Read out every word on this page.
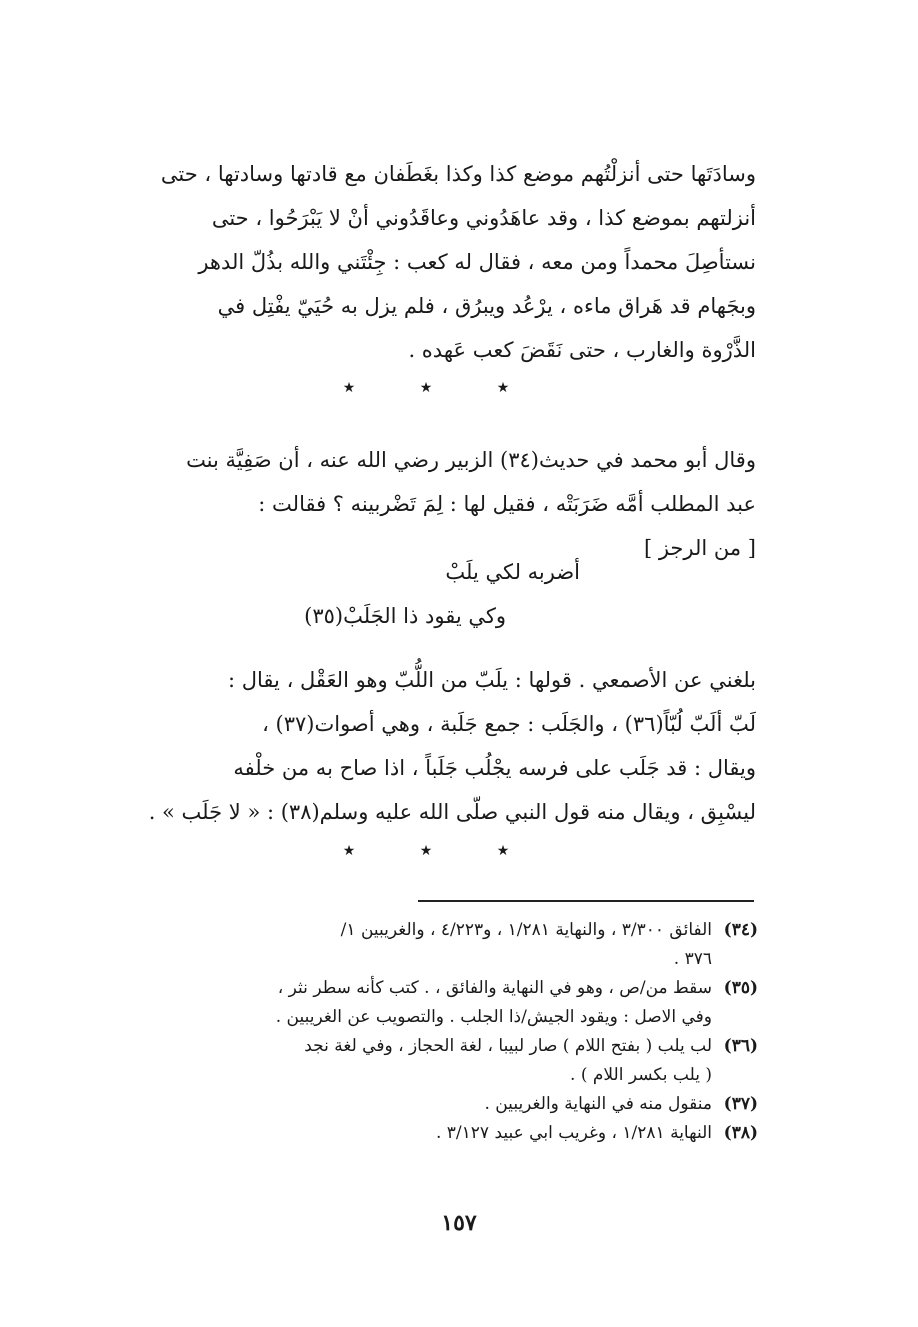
وسادَتَها حتى أنزلْتُهم موضع كذا وكذا بغَطَفان مع قادتها وسادتها ، حتى
أنزلتهم بموضع كذا ، وقد عاهَدُوني وعاقَدُوني أنْ لا يَبْرَحُوا ، حتى
نستأصِلَ محمداً ومن معه ، فقال له كعب : جِئْتَني والله بذُلّ الدهر
وبجَهام قد هَراق ماءه ، يرْعُد ويبرُق ، فلم يزل به حُيَيّ يفْتِل في
الذَّرْوة والغارب ، حتى نَقَضَ كعب عَهده .
★	★	★
وقال أبو محمد في حديث(٣٤) الزبير رضي الله عنه ، أن صَفِيَّة بنت
عبد المطلب أمَّه ضَرَبَتْه ، فقيل لها : لِمَ تَضْربينه ؟ فقالت :
[ من الرجز ]
أضربه لكي يلَبْ
وكي يقود ذا الجَلَبْ(٣٥)
بلغني عن الأصمعي . قولها : يلَبّ من اللُّبّ وهو العَقْل ، يقال :
لَبّ ألَبّ لُبّاً(٣٦) ، والجَلَب : جمع جَلَبة ، وهي أصوات(٣٧) ،
ويقال : قد جَلَب على فرسه يجْلُب جَلَباً ، اذا صاح به من خلْفه
ليسْبِق ، ويقال منه قول النبي صلّى الله عليه وسلم(٣٨) : « لا جَلَب » .
★	★	★
(٣٤)الفائق ٣/٣٠٠ ، والنهاية ١/٢٨١ ، و٤/٢٢٣ ، والغريبين ١/
٣٧٦ .
(٣٥)سقط من/ص ، وهو في النهاية والفائق ، . كتب كأنه سطر نثر ،
وفي الاصل : ويقود الجيش/ذا الجلب . والتصويب عن الغريبين .
(٣٦)لب يلب ( بفتح اللام ) صار لبيبا ، لغة الحجاز ، وفي لغة نجد
( يلب بكسر اللام ) .
(٣٧)منقول منه في النهاية والغريبين .
(٣٨)النهاية ١/٢٨١ ، وغريب ابي عبيد ٣/١٢٧ .
١٥٧
